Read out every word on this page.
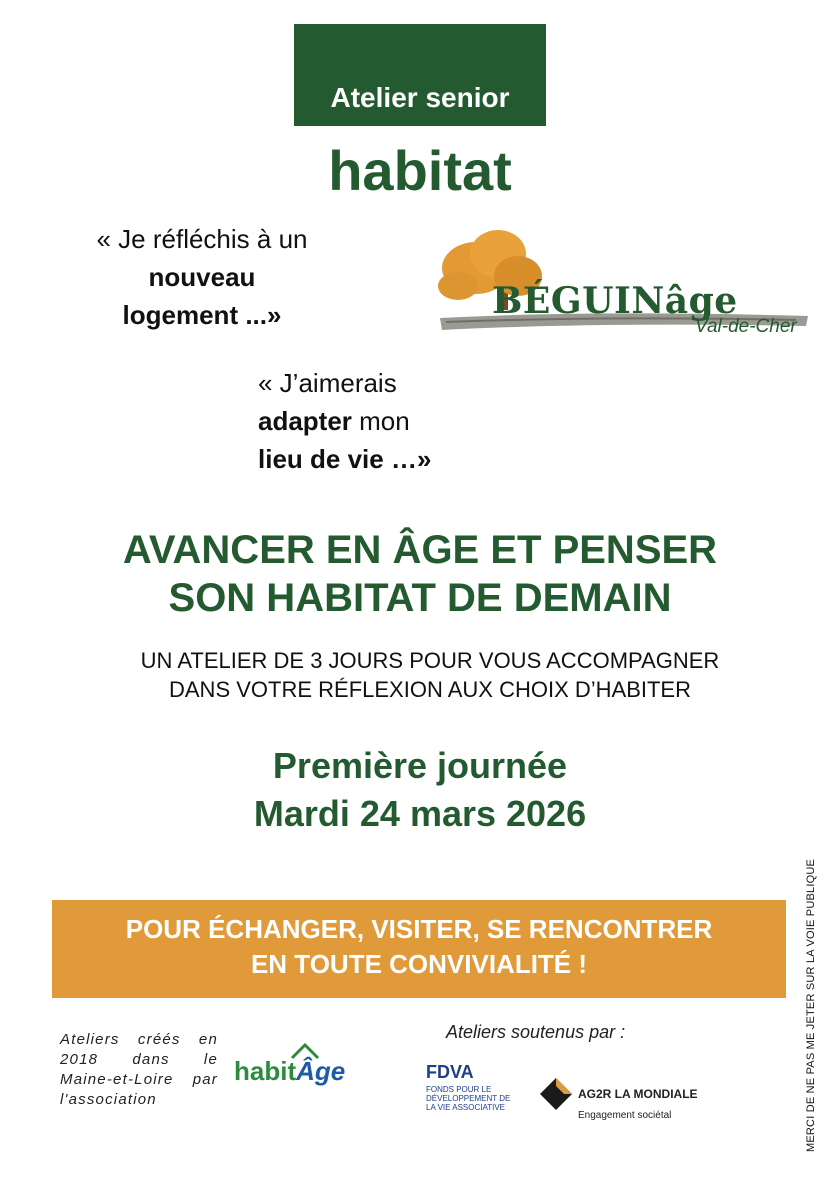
Atelier senior
habitat
« Je réfléchis à un
nouveau
logement ...»	BÉGUINâge
Val-de-Cher
« J’aimerais
adapter mon
lieu de vie …»
AVANCER EN ÂGE ET PENSER
SON HABITAT DE DEMAIN
UN ATELIER DE 3 JOURS POUR VOUS ACCOMPAGNER
DANS VOTRE RÉFLEXION AUX CHOIX D’HABITER
Première journée
Mardi 24 mars 2026
POUR ÉCHANGER, VISITER, SE RENCONTRER
EN TOUTE CONVIVIALITÉ !
Ateliers créés en 2018 dans le Maine-et-Loire par l'association
habitÂge
Ateliers soutenus par :
FDVA
FONDS POUR LE DÉVELOPPEMENT DE LA VIE ASSOCIATIVE
AG2R LA MONDIALE
Engagement sociétal	MERCI DE NE PAS ME JETER SUR LA VOIE PUBLIQUE
